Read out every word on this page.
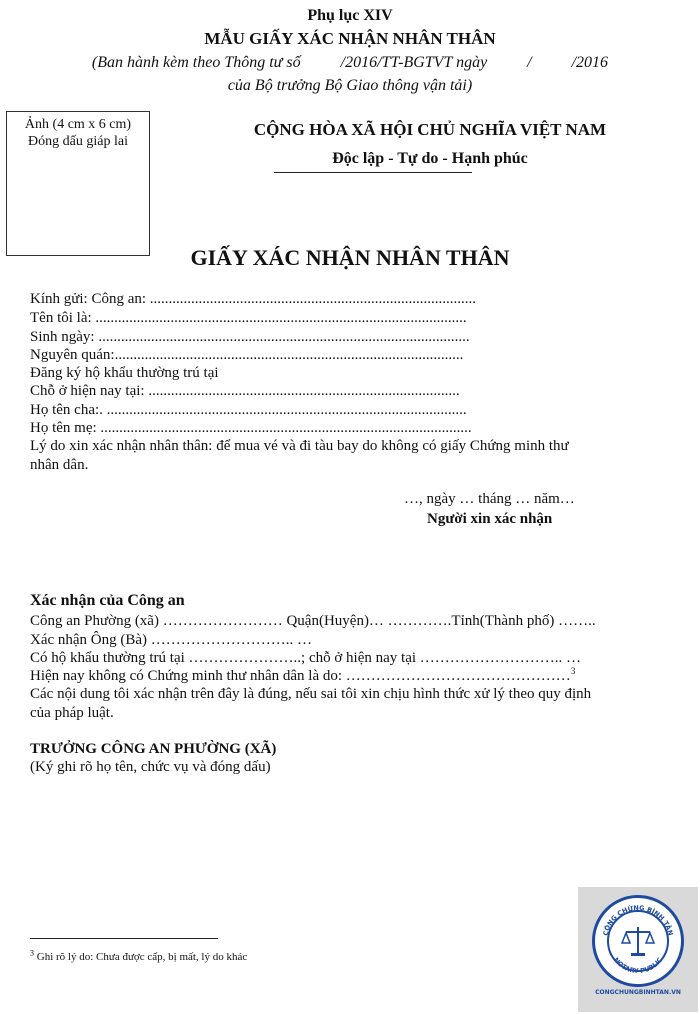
Phụ lục XIV
MẪU GIẤY XÁC NHẬN NHÂN THÂN
(Ban hành kèm theo Thông tư số          /2016/TT-BGTVT ngày          /          /2016
của Bộ trưởng Bộ Giao thông vận tải)
Ảnh (4 cm x 6 cm)
Đóng dấu giáp lai
CỘNG HÒA XÃ HỘI CHỦ NGHĨA VIỆT NAM
Độc lập - Tự do - Hạnh phúc
GIẤY XÁC NHẬN NHÂN THÂN
Kính gửi: Công an: .......................................................................................
Tên tôi là: ...................................................................................................
Sinh ngày: ...................................................................................................
Nguyên quán:.............................................................................................
Đăng ký hộ khẩu thường trú tại
Chỗ ở hiện nay tại: ...................................................................................
Họ tên cha:. ................................................................................................
Họ tên mẹ: ...................................................................................................
Lý do xin xác nhận nhân thân: để mua vé và đi tàu bay do không có giấy Chứng minh thư
nhân dân.
…, ngày … tháng … năm…
Người xin xác nhận
Xác nhận của Công an
Công an Phường (xã) …………………… Quận(Huyện)… ………….Tỉnh(Thành phố) ……..
Xác nhận Ông (Bà) ……………………….. …
Có hộ khẩu thường trú tại …………………..; chỗ ở hiện nay tại ……………………….. …
Hiện nay không có Chứng minh thư nhân dân là do: ………………………………………$^3$
Các nội dung tôi xác nhận trên đây là đúng, nếu sai tôi xin chịu hình thức xử lý theo quy định
của pháp luật.
TRƯỞNG CÔNG AN PHƯỜNG (XÃ)
(Ký ghi rõ họ tên, chức vụ và đóng dấu)
$^3$ Ghi rõ lý do: Chưa được cấp, bị mất, lý do khác
CÔNG CHỨNG BÌNH TÂN
NOTARY PUBLIC
CONGCHUNGBINHTAN.VN
